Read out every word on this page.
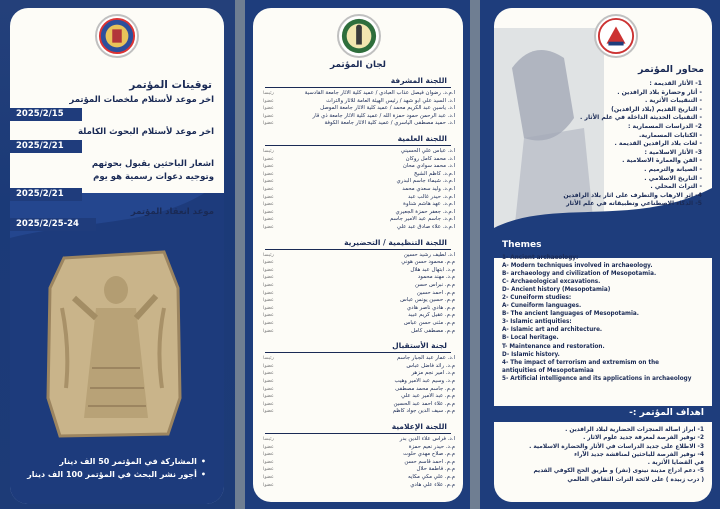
توقيتات المؤتمر
اخر موعد لأستلام ملخصات المؤتمر
2025/2/15
اخر موعد لأستلام البحوث الكاملة
2025/2/21
اشعار الباحثين بقبول بحوثهم
وتوجيه دعوات رسمية هو يوم
2025/2/21
موعد انعقاد المؤتمر
2025/2/25-24
• المشاركة في المؤتمر 50 الف دينار
• أجور نشر البحث في المؤتمر 100 الف دينار
لجان المؤتمر
اللجنة المشرفة
أ.م.د. رضوان فيصل عذاب العبادي / عميد كلية الاثار جامعة القادسية
أ.د. السيد علي ابو شهد / رئيس الهيئة العامة للاثار والتراث
أ.د. ياسين عبد الكريم محمد / عميد كلية الاثار جامعة الموصل
أ.د. عبد الرحمن حمود حمزة الله / عميد كلية الاثار جامعة ذي قار
أ.د. حميد مصطفى الياسري / عميد كلية الاثار جامعة الكوفة
رئيسا
عضوا
عضوا
عضوا
عضوا
اللجنة العلمية
أ.د. عباس علي الحسيني
أ.د. محمد كامل روكان
أ.د. محمد سوادي محان
أ.م.د. كاظم الشيخ
أ.م.د. شيماء جاسم البدري
أ.م.د. وليد سعدي محمد
أ.م.د. حيدر غالب عبد
أ.م.د. عهد هاشم شناوة
أ.م.د. جعفر حمزة الجعيري
أ.م.د. جاسم عبد الامير جاسم
أ.م.د. علاء صادق عبد علي
رئيسا
عضوا
عضوا
عضوا
عضوا
عضوا
عضوا
عضوا
عضوا
عضوا
عضوا
اللجنة التنظيمية / التحضيرية
أ.د. لطيف رشيد حسين
م.م. محمود حسن هوني
م.د. ابتهال عبد هلال
م.د. مهند محمود
م.م. نبراس حسن
م.م. احمد حسين
م.م. حسين يونس عباس
م.م. هادي ناصر هادي
م.م. عقيل كريم عبيد
م.م. مثنى حسن عباس
م.م. مصطفى كامل
رئيسا
عضوا
عضوا
عضوا
عضوا
عضوا
عضوا
عضوا
عضوا
عضوا
عضوا
لجنة الأستقبال
أ.د. عمار عبد الجبار جاسم
م.د. رائد فاضل عباس
م.د. امير نجم مزهر
م.د. وسيم عبد الامير وهيب
م.م. جاسم محمد مصطفى
م.م. عبد الامير عبد علي
م.م. علاء احمد عبد الحسين
م.م. سيف الدين جواد كاظم
رئيسا
عضوا
عضوا
عضوا
عضوا
عضوا
عضوا
عضوا
اللجنة الإعلامية
أ.د. فراس علاء الدين بدر
م.د. حيدر نعيم حمزة
م.م. صلاح مهدي حلوت
م.م. احمد قاسم حسن
م.م. فاطمة حلال
م.م. علي مكي مكايه
م.م. علاء علي هادي
رئيسا
عضوا
عضوا
عضوا
عضوا
عضوا
عضوا
محاور المؤتمر
1- الأثار القديمة :
- أثار وحضارة بلاد الرافدين .
- التنقيبات الأثرية .
- التاريخ القديم (بلاد الرافدين)
- التقنيات الحديثة الداخلة في علم الأثار .
2- الدراسات المسمارية :
- الكتابات المسمارية.
- لغات بلاد الرافدين القديمة .
3- الأثار الاسلامية :
- الفن والعمارة الاسلامية .
- الصيانة والترميم .
- التاريخ الاسلامي .
- التراث المحلي .
4- اثر الارهاب والتطرف على اثار بلاد الرافدين
5- الذكاء الاصطناعي وتطبيقاته في علم الأثار
Themes
1- Ancient archaeology:
A- Modern techniques involved in archaeology.
B- archaeology and civilization of Mesopotamia.
C- Archaeological excavations.
D- Ancient history (Mesopotamia)
2- Cuneiform studies:
A- Cuneiform languages.
B- The ancient languages of Mesopotamia.
3- Islamic antiquities:
A- Islamic art and architecture.
B- Local heritage.
T- Maintenance and restoration.
D- Islamic history.
4- The impact of terrorism and extremism on the
antiquities of Mesopotamiaa
5- Artificial intelligence and its applications in archaeology
اهداف المؤتمر :-
1- ابراز اصالة المنجزات الحضارية لبلاد الرافدين .
2- توفير الفرصة لمعرفة جديد علوم الاثار .
3- الاطلاع على جديد الدراسات في الأثار والحضارة الاسلامية .
4- توفير الفرصة للباحثين لمناقشة جديد الآراء
في القضايا الأثرية .
5- دعم ادراج مدينة نينوى (نفر) و طريق الحج الكوفي القديم
( درب زبيدة ) على لائحة التراث الثقافي العالمي
